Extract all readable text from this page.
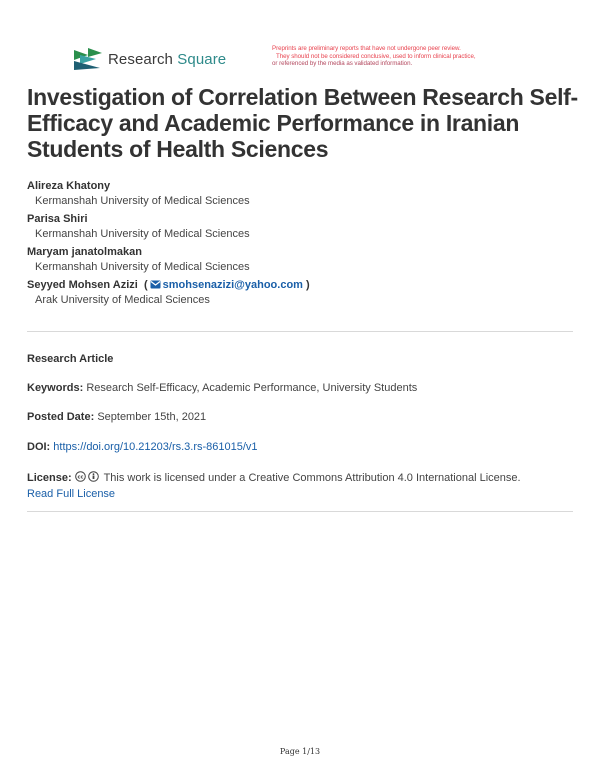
Research Square
Preprints are preliminary reports that have not undergone peer review.
They should not be considered conclusive, used to inform clinical practice,
or referenced by the media as validated information.
Investigation of Correlation Between Research Self-Efficacy and Academic Performance in Iranian Students of Health Sciences
Alireza Khatony
Kermanshah University of Medical Sciences
Parisa Shiri
Kermanshah University of Medical Sciences
Maryam janatolmakan
Kermanshah University of Medical Sciences
Seyyed Mohsen Azizi  ( smohsenazizi@yahoo.com )
Arak University of Medical Sciences
Research Article
Keywords: Research Self-Efficacy, Academic Performance, University Students
Posted Date: September 15th, 2021
DOI: https://doi.org/10.21203/rs.3.rs-861015/v1
License: cc This work is licensed under a Creative Commons Attribution 4.0 International License.
Read Full License
Page 1/13
